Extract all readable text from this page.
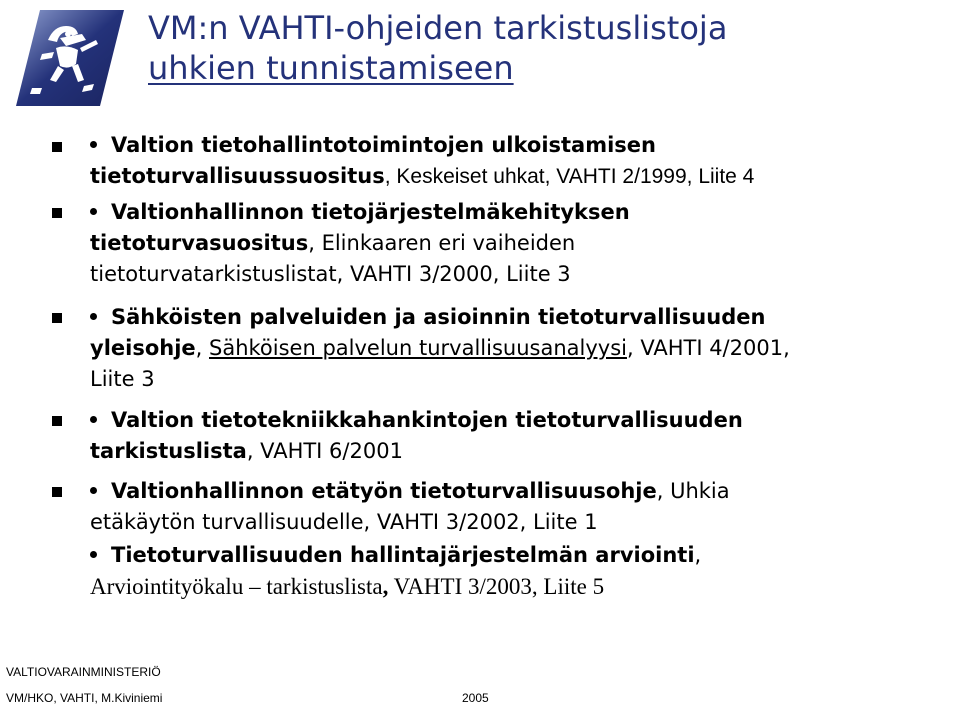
VM:n VAHTI-ohjeiden tarkistuslistoja
uhkien tunnistamiseen
Valtion tietohallintotoimintojen ulkoistamisen
tietoturvallisuussuositus, Keskeiset uhkat, VAHTI 2/1999, Liite 4
Valtionhallinnon tietojärjestelmäkehityksen
tietoturvasuositus, Elinkaaren eri vaiheiden
tietoturvatarkistuslistat, VAHTI 3/2000, Liite 3
Sähköisten palveluiden ja asioinnin tietoturvallisuuden
yleisohje, Sähköisen palvelun turvallisuusanalyysi, VAHTI 4/2001,
Liite 3
Valtion tietotekniikkahankintojen tietoturvallisuuden
tarkistuslista, VAHTI 6/2001
Valtionhallinnon etätyön tietoturvallisuusohje, Uhkia
etäkäytön turvallisuudelle, VAHTI 3/2002, Liite 1
Tietoturvallisuuden hallintajärjestelmän arviointi,
Arviointityökalu – tarkistuslista, VAHTI 3/2003, Liite 5
VALTIOVARAINMINISTERIÖ
VM/HKO, VAHTI, M.Kiviniemi	2005
